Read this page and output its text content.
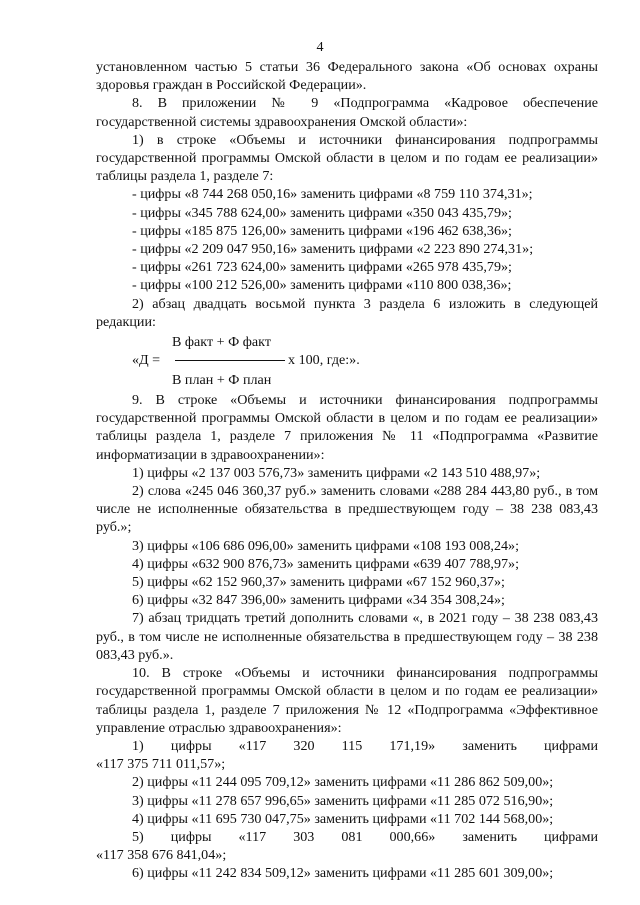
4
установленном частью 5 статьи 36 Федерального закона «Об основах охраны здоровья граждан в Российской Федерации».
8. В приложении № 9 «Подпрограмма «Кадровое обеспечение государственной системы здравоохранения Омской области»:
1) в строке «Объемы и источники финансирования подпрограммы государственной программы Омской области в целом и по годам ее реализации» таблицы раздела 1, разделе 7:
- цифры «8 744 268 050,16» заменить цифрами «8 759 110 374,31»;
- цифры «345 788 624,00» заменить цифрами «350 043 435,79»;
- цифры «185 875 126,00» заменить цифрами «196 462 638,36»;
- цифры «2 209 047 950,16» заменить цифрами «2 223 890 274,31»;
- цифры «261 723 624,00» заменить цифрами «265 978 435,79»;
- цифры «100 212 526,00» заменить цифрами «110 800 038,36»;
2) абзац двадцать восьмой пункта 3 раздела 6 изложить в следующей редакции:
В факт + Ф факт
«Д =	х 100, где:».
В план + Ф план
9. В строке «Объемы и источники финансирования подпрограммы государственной программы Омской области в целом и по годам ее реализации» таблицы раздела 1, разделе 7 приложения № 11 «Подпрограмма «Развитие информатизации в здравоохранении»:
1) цифры «2 137 003 576,73» заменить цифрами «2 143 510 488,97»;
2) слова «245 046 360,37 руб.» заменить словами «288 284 443,80 руб., в том числе не исполненные обязательства в предшествующем году – 38 238 083,43 руб.»;
3) цифры «106 686 096,00» заменить цифрами «108 193 008,24»;
4) цифры «632 900 876,73» заменить цифрами «639 407 788,97»;
5) цифры «62 152 960,37» заменить цифрами «67 152 960,37»;
6) цифры «32 847 396,00» заменить цифрами «34 354 308,24»;
7) абзац тридцать третий дополнить словами «, в 2021 году – 38 238 083,43 руб., в том числе не исполненные обязательства в предшествующем году – 38 238 083,43 руб.».
10. В строке «Объемы и источники финансирования подпрограммы государственной программы Омской области в целом и по годам ее реализации» таблицы раздела 1, разделе 7 приложения № 12 «Подпрограмма «Эффективное управление отраслью здравоохранения»:
1) цифры «117 320 115 171,19» заменить цифрами
«117 375 711 011,57»;
2) цифры «11 244 095 709,12» заменить цифрами «11 286 862 509,00»;
3) цифры «11 278 657 996,65» заменить цифрами «11 285 072 516,90»;
4) цифры «11 695 730 047,75» заменить цифрами «11 702 144 568,00»;
5) цифры «117 303 081 000,66» заменить цифрами
«117 358 676 841,04»;
6) цифры «11 242 834 509,12» заменить цифрами «11 285 601 309,00»;
